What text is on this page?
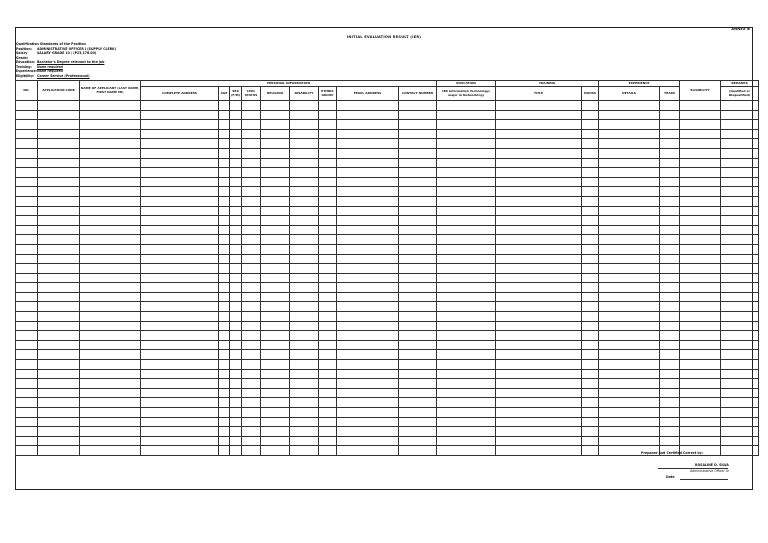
ANNEX B
INITIAL EVALUATION RESULT (IER)
Qualification Standards of the Position
Position:	ADMINISTRATIVE OFFICER I (SUPPLY CLERK)
Salary Grade/
SALARY GRADE 10 / (₱23,176.00)
Education: Bachelor's Degree relevant to the job
Training:	None required
Experience: None required
Eligibility: Career Service (Professional)
NO.	APPLICATION CODE	NAME OF APPLICANT (LAST NAME, FIRST NAME MI)	PERSONAL INFORMATION									EDUCATION	TRAINING		EXPERIENCE		ELIGIBILITY	REMARKS
			COMPLETE ADDRESS	AGE	SEX (F/M)	CIVIL STATUS	RELIGION	DISABILITY	ETHNIC GROUP	EMAIL ADDRESS	CONTACT NUMBER	(BS Information Technology/ major in Networking)	TITLE	HOURS	DETAILS	YEARS		(Qualified or Disqualified)

Prepared and Certified Correct by:
ROSALINE D. SILVA
Administrative Officer IV
Date
